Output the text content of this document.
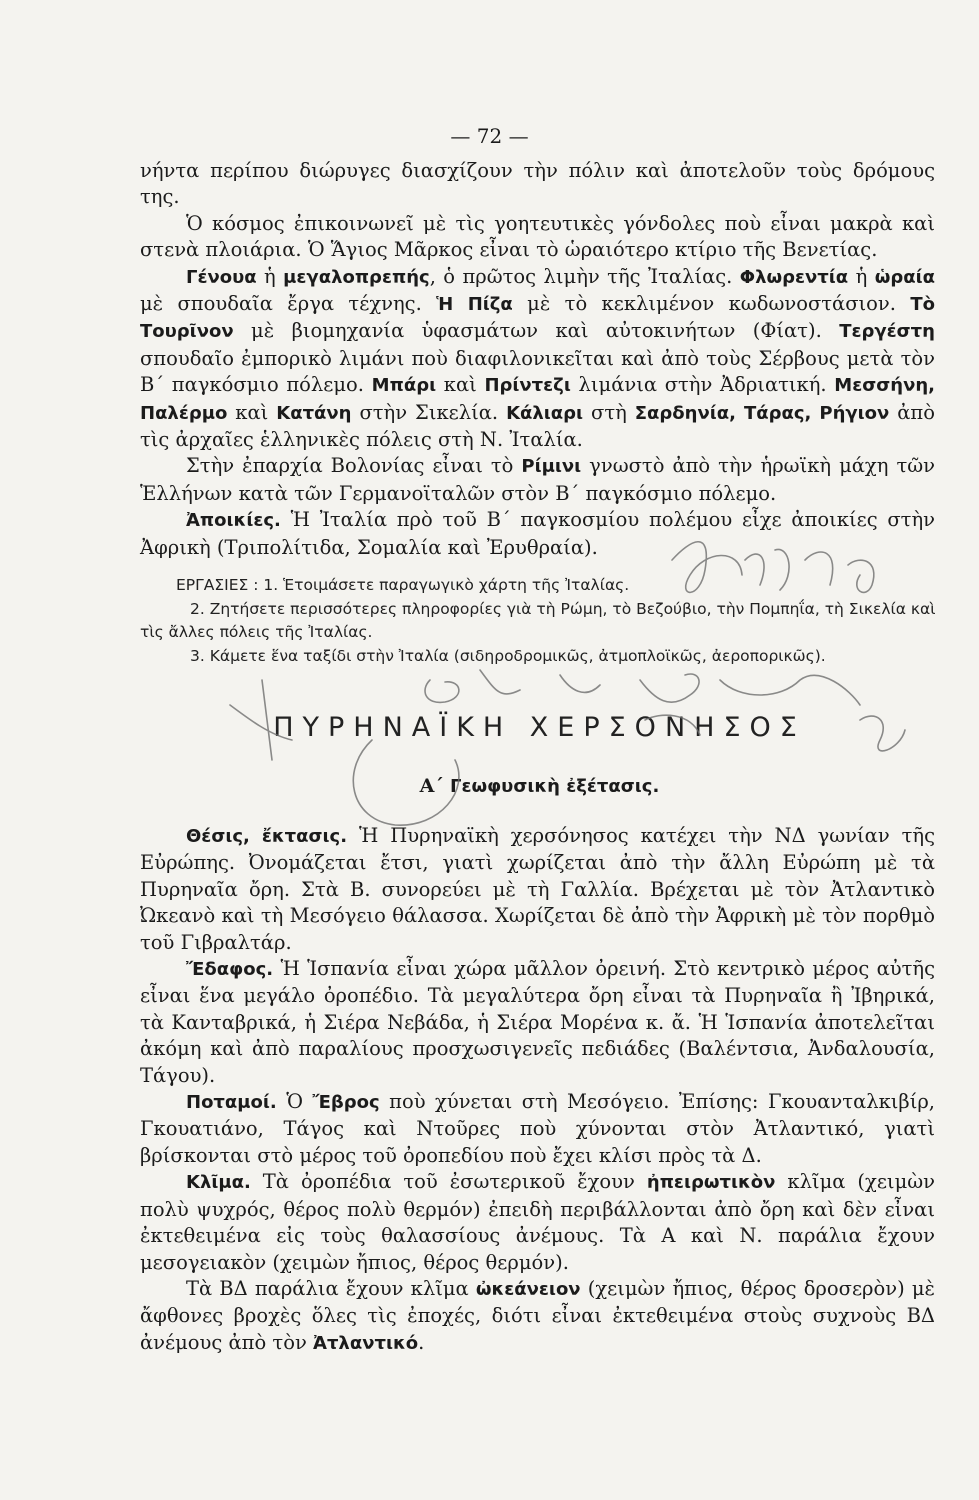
— 72 —

νήντα περίπου διώρυγες διασχίζουν τὴν πόλιν καὶ ἀποτελοῦν τοὺς δρόμους της.

Ὁ κόσμος ἐπικοινωνεῖ μὲ τὶς γοητευτικὲς γόνδολες ποὺ εἶναι μακρὰ καὶ στενὰ πλοιάρια. Ὁ Ἅγιος Μᾶρκος εἶναι τὸ ὡραιότερο κτίριο τῆς Βενετίας.

Γένουα ἡ μεγαλοπρεπής, ὁ πρῶτος λιμὴν τῆς Ἰταλίας. Φλωρεντία ἡ ὡραία μὲ σπουδαῖα ἔργα τέχνης. Ἡ Πίζα μὲ τὸ κεκλιμένον κωδωνοστάσιον. Τὸ Τουρῖνον μὲ βιομηχανία ὑφασμάτων καὶ αὐτοκινήτων (Φίατ). Τεργέστη σπουδαῖο ἐμπορικὸ λιμάνι ποὺ διαφιλονικεῖται καὶ ἀπὸ τοὺς Σέρβους μετὰ τὸν Β΄ παγκόσμιο πόλεμο. Μπάρι καὶ Πρίντεζι λιμάνια στὴν Ἀδριατική. Μεσσήνη, Παλέρμο καὶ Κατάνη στὴν Σικελία. Κάλιαρι στὴ Σαρδηνία, Τάρας, Ρήγιον ἀπὸ τὶς ἀρχαῖες ἑλληνικὲς πόλεις στὴ Ν. Ἰταλία.

Στὴν ἐπαρχία Βολονίας εἶναι τὸ Ρίμινι γνωστὸ ἀπὸ τὴν ἡρωϊκὴ μάχη τῶν Ἑλλήνων κατὰ τῶν Γερμανοϊταλῶν στὸν Β΄ παγκόσμιο πόλεμο.

Ἀποικίες. Ἡ Ἰταλία πρὸ τοῦ Β΄ παγκοσμίου πολέμου εἶχε ἀποικίες στὴν Ἀφρικὴ (Τριπολίτιδα, Σομαλία καὶ Ἐρυθραία).

ΕΡΓΑΣΙΕΣ : 1. Ἑτοιμάσετε παραγωγικὸ χάρτη τῆς Ἰταλίας.

2. Ζητήσετε περισσότερες πληροφορίες γιὰ τὴ Ρώμη, τὸ Βεζούβιο, τὴν Πομπηΐα, τὴ Σικελία καὶ τὶς ἄλλες πόλεις τῆς Ἰταλίας.

3. Κάμετε ἕνα ταξίδι στὴν Ἰταλία (σιδηροδρομικῶς, ἀτμοπλοϊκῶς, ἀεροπορικῶς).

ΠΥΡΗΝΑΪΚΗ ΧΕΡΣΟΝΗΣΟΣ
Α΄ Γεωφυσικὴ ἐξέτασις.

Θέσις, ἔκτασις. Ἡ Πυρηναϊκὴ χερσόνησος κατέχει τὴν ΝΔ γωνίαν τῆς Εὐρώπης. Ὀνομάζεται ἔτσι, γιατὶ χωρίζεται ἀπὸ τὴν ἄλλη Εὐρώπη μὲ τὰ Πυρηναῖα ὄρη. Στὰ Β. συνορεύει μὲ τὴ Γαλλία. Βρέχεται μὲ τὸν Ἀτλαντικὸ Ὠκεανὸ καὶ τὴ Μεσόγειο θάλασσα. Χωρίζεται δὲ ἀπὸ τὴν Ἀφρικὴ μὲ τὸν πορθμὸ τοῦ Γιβραλτάρ.

Ἔδαφος. Ἡ Ἱσπανία εἶναι χώρα μᾶλλον ὀρεινή. Στὸ κεντρικὸ μέρος αὐτῆς εἶναι ἕνα μεγάλο ὀροπέδιο. Τὰ μεγαλύτερα ὄρη εἶναι τὰ Πυρηναῖα ἢ Ἰβηρικά, τὰ Κανταβρικά, ἡ Σιέρα Νεβάδα, ἡ Σιέρα Μορένα κ. ἄ. Ἡ Ἱσπανία ἀποτελεῖται ἀκόμη καὶ ἀπὸ παραλίους προσχωσιγενεῖς πεδιάδες (Βαλέντσια, Ἀνδαλουσία, Τάγου).

Ποταμοί. Ὁ Ἔβρος ποὺ χύνεται στὴ Μεσόγειο. Ἐπίσης: Γκουανταλκιβίρ, Γκουατιάνο, Τάγος καὶ Ντοῦρες ποὺ χύνονται στὸν Ἀτλαντικό, γιατὶ βρίσκονται στὸ μέρος τοῦ ὀροπεδίου ποὺ ἔχει κλίσι πρὸς τὰ Δ.

Κλῖμα. Τὰ ὀροπέδια τοῦ ἐσωτερικοῦ ἔχουν ἠπειρωτικὸν κλῖμα (χειμὼν πολὺ ψυχρός, θέρος πολὺ θερμόν) ἐπειδὴ περιβάλλονται ἀπὸ ὄρη καὶ δὲν εἶναι ἐκτεθειμένα εἰς τοὺς θαλασσίους ἀνέμους. Τὰ Α καὶ Ν. παράλια ἔχουν μεσογειακὸν (χειμὼν ἤπιος, θέρος θερμόν).

Τὰ ΒΔ παράλια ἔχουν κλῖμα ὠκεάνειον (χειμὼν ἤπιος, θέρος δροσερὸν) μὲ ἄφθονες βροχὲς ὅλες τὶς ἐποχές, διότι εἶναι ἐκτεθειμένα στοὺς συχνοὺς ΒΔ ἀνέμους ἀπὸ τὸν Ἀτλαντικό.
